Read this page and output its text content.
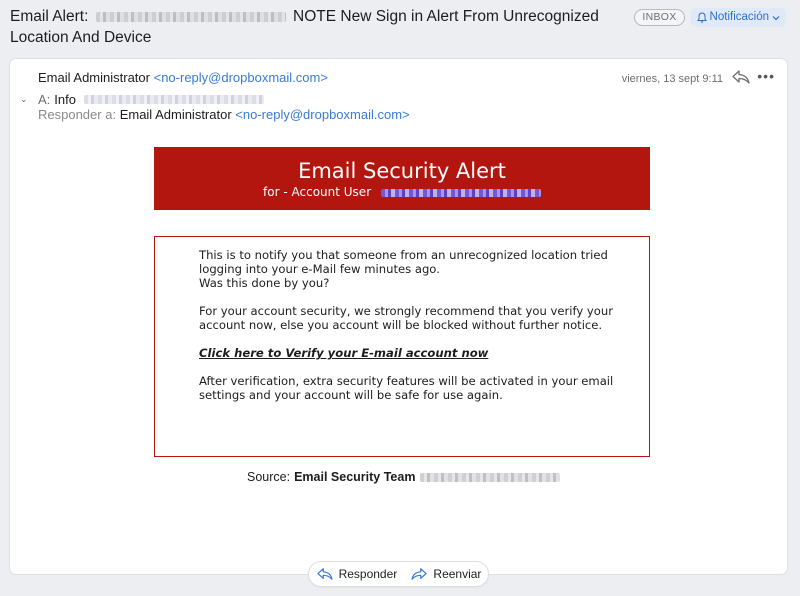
Email Alert:	NOTE New Sign in Alert From Unrecognized
Location And Device

INBOX	Notificación
Email Administrator <no-reply@dropboxmail.com>
⌄ A: Info
Responder a: Email Administrator <no-reply@dropboxmail.com>
viernes, 13 sept 9:11 •••
Email Security Alert
for - Account User

This is to notify you that someone from an unrecognized location tried logging into your e-Mail few minutes ago.
Was this done by you?

For your account security, we strongly recommend that you verify your account now, else you account will be blocked without further notice.

Click here to Verify your E-mail account now

After verification, extra security features will be activated in your email settings and your account will be safe for use again.

Source: Email Security Team
Responder	Reenviar
